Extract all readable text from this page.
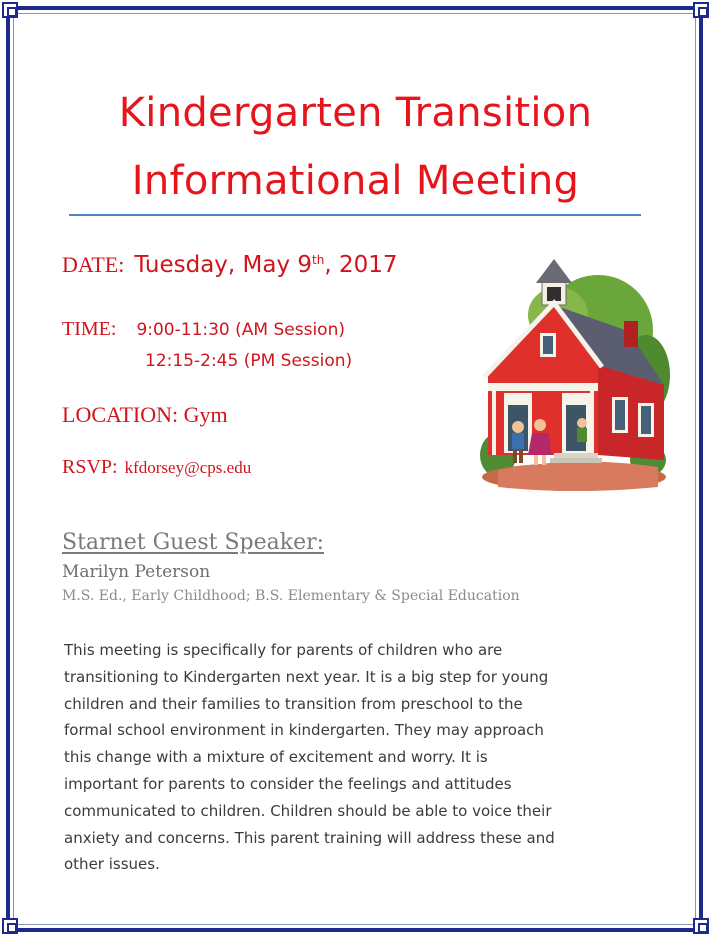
Kindergarten Transition
Informational Meeting
DATE: Tuesday, May 9th, 2017
TIME: 9:00-11:30 (AM Session)
12:15-2:45 (PM Session)
LOCATION: Gym
RSVP: kfdorsey@cps.edu
Starnet Guest Speaker:
Marilyn Peterson
M.S. Ed., Early Childhood; B.S. Elementary & Special Education
This meeting is specifically for parents of children who are
transitioning to Kindergarten next year. It is a big step for young
children and their families to transition from preschool to the
formal school environment in kindergarten. They may approach
this change with a mixture of excitement and worry. It is
important for parents to consider the feelings and attitudes
communicated to children. Children should be able to voice their
anxiety and concerns. This parent training will address these and
other issues.
